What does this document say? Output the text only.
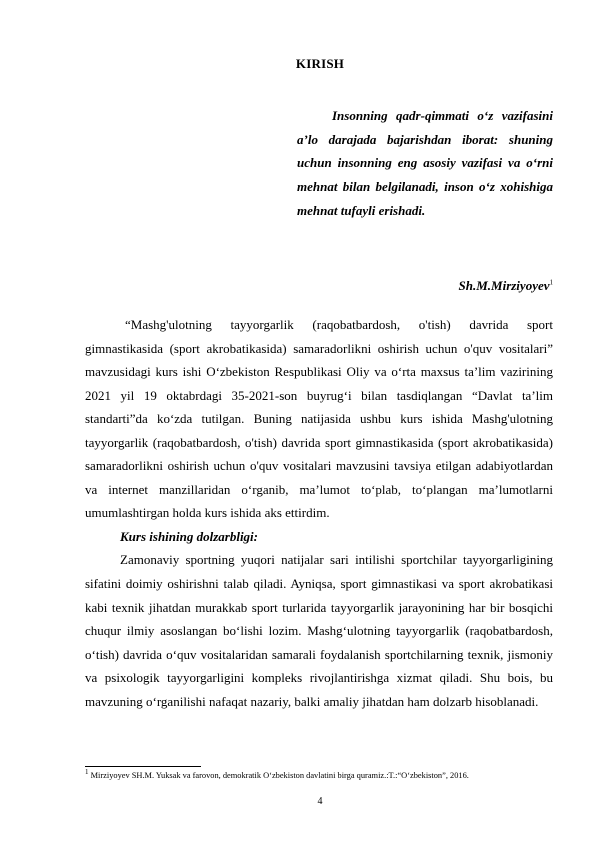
KIRISH
Insonning qadr-qimmati o‘z vazifasini a’lo darajada bajarishdan iborat: shuning uchun insonning eng asosiy vazifasi va o‘rni mehnat bilan belgilanadi, inson o‘z xohishiga mehnat tufayli erishadi.
Sh.M.Mirziyoyev$^1$

“Mashg'ulotning tayyorgarlik (raqobatbardosh, o'tish) davrida sport gimnastikasida (sport akrobatikasida) samaradorlikni oshirish uchun o'quv vositalari” mavzusidagi kurs ishi O‘zbekiston Respublikasi Oliy va o‘rta maxsus ta’lim vazirining 2021 yil 19 oktabrdagi 35-2021-son buyrug‘i bilan tasdiqlangan “Davlat ta’lim standarti”da ko‘zda tutilgan. Buning natijasida ushbu kurs ishida Mashg'ulotning tayyorgarlik (raqobatbardosh, o'tish) davrida sport gimnastikasida (sport akrobatikasida) samaradorlikni oshirish uchun o'quv vositalari mavzusini tavsiya etilgan adabiyotlardan va internet manzillaridan o‘rganib, ma’lumot to‘plab, to‘plangan ma’lumotlarni umumlashtirgan holda kurs ishida aks ettirdim.

Kurs ishining dolzarbligi:

Zamonaviy sportning yuqori natijalar sari intilishi sportchilar tayyorgarligining sifatini doimiy oshirishni talab qiladi. Ayniqsa, sport gimnastikasi va sport akrobatikasi kabi texnik jihatdan murakkab sport turlarida tayyorgarlik jarayonining har bir bosqichi chuqur ilmiy asoslangan bo‘lishi lozim. Mashg‘ulotning tayyorgarlik (raqobatbardosh, o‘tish) davrida o‘quv vositalaridan samarali foydalanish sportchilarning texnik, jismoniy va psixologik tayyorgarligini kompleks rivojlantirishga xizmat qiladi. Shu bois, bu mavzuning o‘rganilishi nafaqat nazariy, balki amaliy jihatdan ham dolzarb hisoblanadi.

$^1$ Mirziyoyev SH.M. Yuksak va farovon, demokratik O‘zbekiston davlatini birga quramiz.:T.:“O‘zbekiston”, 2016.
4
